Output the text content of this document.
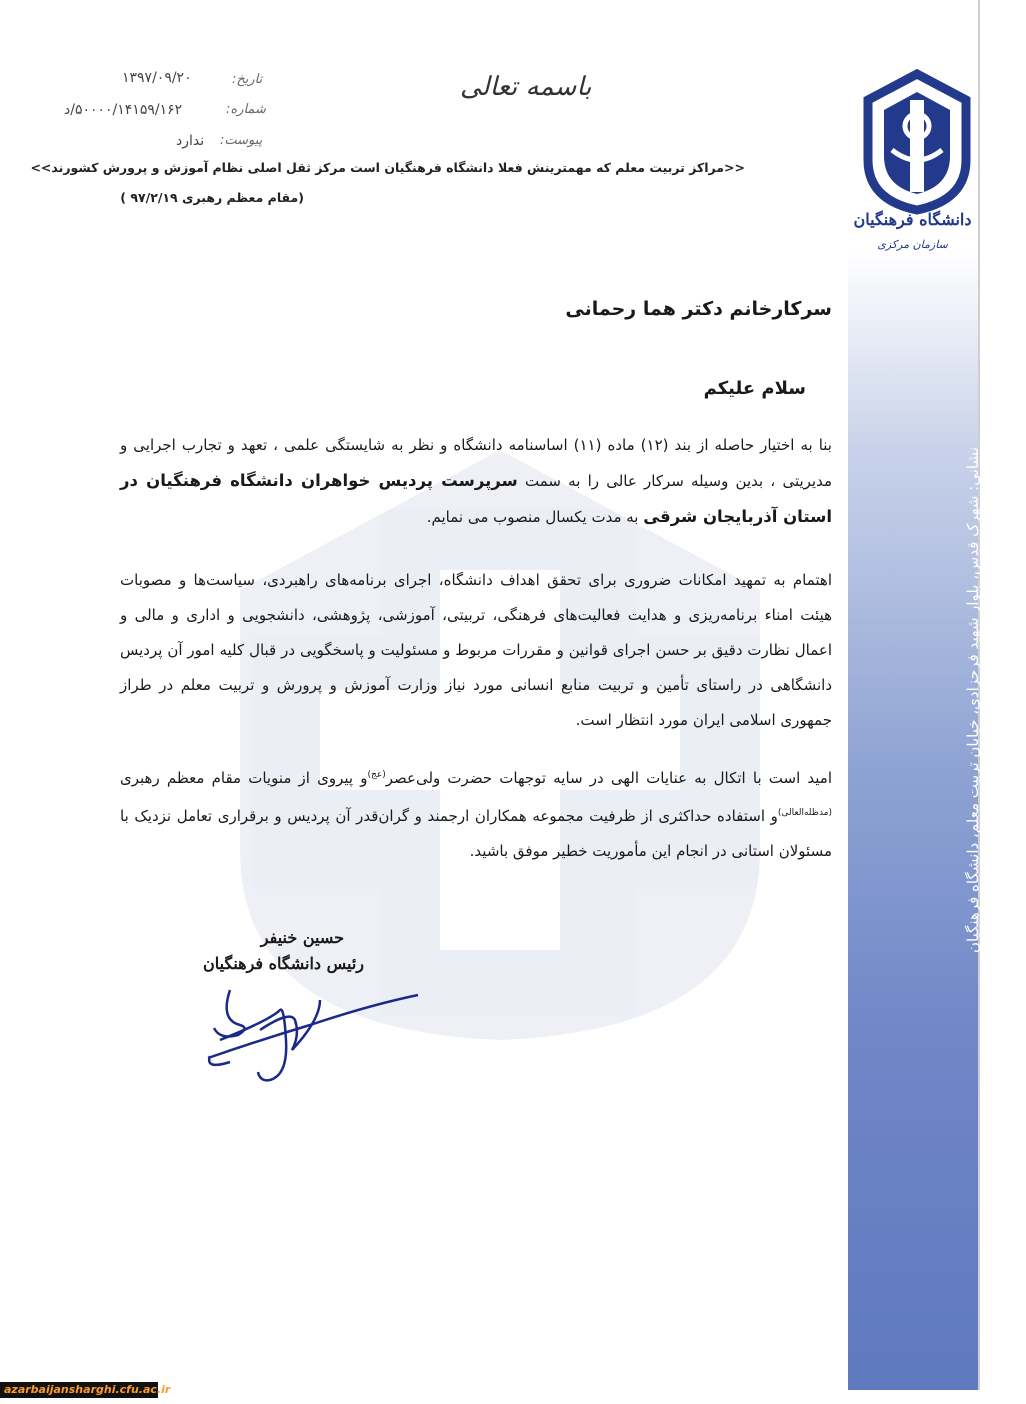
دانشگاه فرهنگیان
سازمان مرکزی
نشانی: شهرک قدس، بلوار شهید فرحزادی، خیابان تربیت معلم، دانشگاه فرهنگیان تلفن: ۸۷۷۵۱۲۰۰ - نمابر: ۸۸۶۹۸۸۶۴ - کد پستی: ۱۴۶۶۹۹۳۹۱۲
www.mpa.medu.ir
باسمه تعالی
تاریخ:
۱۳۹۷/۰۹/۲۰
شماره:
۵۰۰۰۰/۱۴۱۵۹/۱۶۲/د
پیوست:
ندارد
<<مراکز تربیت معلم که مهمترینش فعلا دانشگاه فرهنگیان است مرکز ثقل اصلی نظام آموزش و پرورش کشورند>>
(مقام معظم رهبری ۹۷/۲/۱۹ )
سرکارخانم دکتر هما رحمانی
سلام علیکم

بنا به اختیار حاصله از بند (۱۲) ماده (۱۱) اساسنامه دانشگاه و نظر به شایستگی علمی ، تعهد و تجارب اجرایی و مدیریتی ، بدین وسیله سرکار عالی را به سمت سرپرست پردیس خواهران دانشگاه فرهنگیان در استان آذربایجان شرقی به مدت یکسال منصوب می نمایم.

اهتمام به تمهید امکانات ضروری برای تحقق اهداف دانشگاه، اجرای برنامه‌های راهبردی، سیاست‌ها و مصوبات هیئت امناء برنامه‌ریزی و هدایت فعالیت‌های فرهنگی، تربیتی، آموزشی، پژوهشی، دانشجویی و اداری و مالی و اعمال نظارت دقیق بر حسن اجرای قوانین و مقررات مربوط و مسئولیت و پاسخگویی در قبال کلیه امور آن پردیس دانشگاهی در راستای تأمین و تربیت منابع انسانی مورد نیاز وزارت آموزش و پرورش و تربیت معلم در طراز جمهوری اسلامی ایران مورد انتظار است.

امید است با اتکال به عنایات الهی در سایه توجهات حضرت ولی‌عصر$^{(عج)}$و پیروی از منویات مقام معظم رهبری $^{(مدظله‌العالی)}$و استفاده حداکثری از ظرفیت مجموعه همکاران ارجمند و گران‌قدر آن پردیس و برقراری تعامل نزدیک با مسئولان استانی در انجام این مأموریت خطیر موفق باشید.

حسین خنیفر
رئیس دانشگاه فرهنگیان
azarbaijansharghi.cfu.ac.ir
